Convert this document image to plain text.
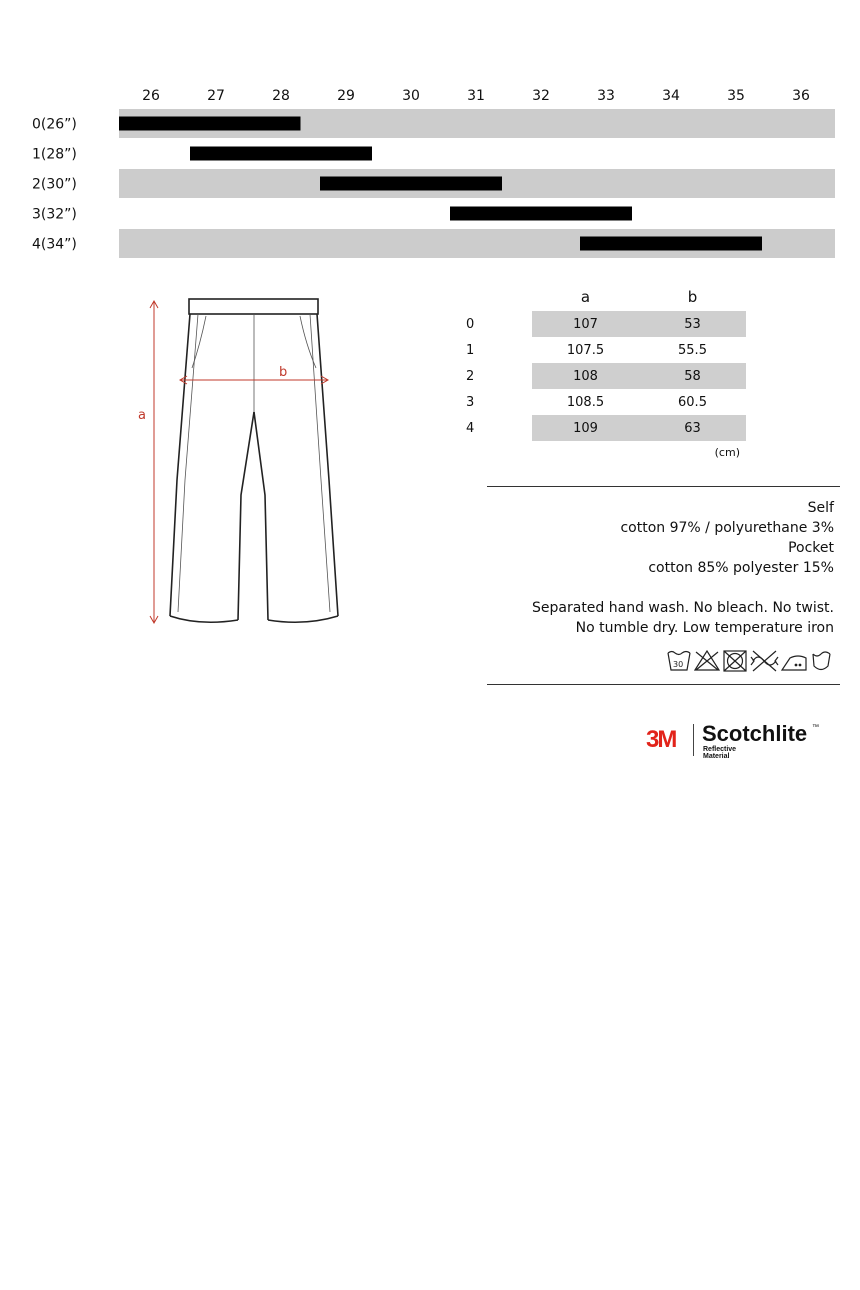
26	27	28	29	30	31	32	33	34	35	36
0(26”)
1(28”)
2(30”)
3(32”)
4(34”)
a
b
	a	b
0	107	53
1	107.5	55.5
2	108	58
3	108.5	60.5
4	109	63
(cm)
Self
cotton 97% / polyurethane 3%
Pocket
cotton 85% polyester 15%
Separated hand wash. No bleach. No twist.
No tumble dry. Low temperature iron
30
3M Scotchlite ™
Reflective Material
